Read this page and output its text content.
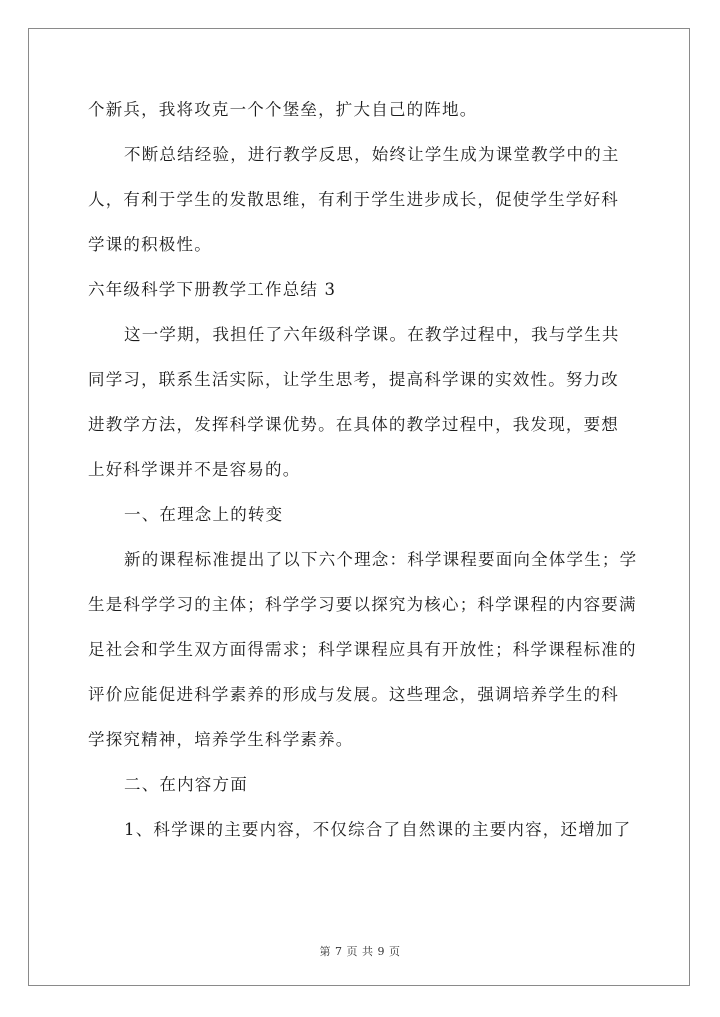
个新兵，我将攻克一个个堡垒，扩大自己的阵地。
不断总结经验，进行教学反思，始终让学生成为课堂教学中的主
人，有利于学生的发散思维，有利于学生进步成长，促使学生学好科
学课的积极性。
六年级科学下册教学工作总结 3
这一学期，我担任了六年级科学课。在教学过程中，我与学生共
同学习，联系生活实际，让学生思考，提高科学课的实效性。努力改
进教学方法，发挥科学课优势。在具体的教学过程中，我发现，要想
上好科学课并不是容易的。
一、在理念上的转变
新的课程标准提出了以下六个理念：科学课程要面向全体学生；学
生是科学学习的主体；科学学习要以探究为核心；科学课程的内容要满
足社会和学生双方面得需求；科学课程应具有开放性；科学课程标准的
评价应能促进科学素养的形成与发展。这些理念，强调培养学生的科
学探究精神，培养学生科学素养。
二、在内容方面
1、科学课的主要内容，不仅综合了自然课的主要内容，还增加了
第 7 页 共 9 页
